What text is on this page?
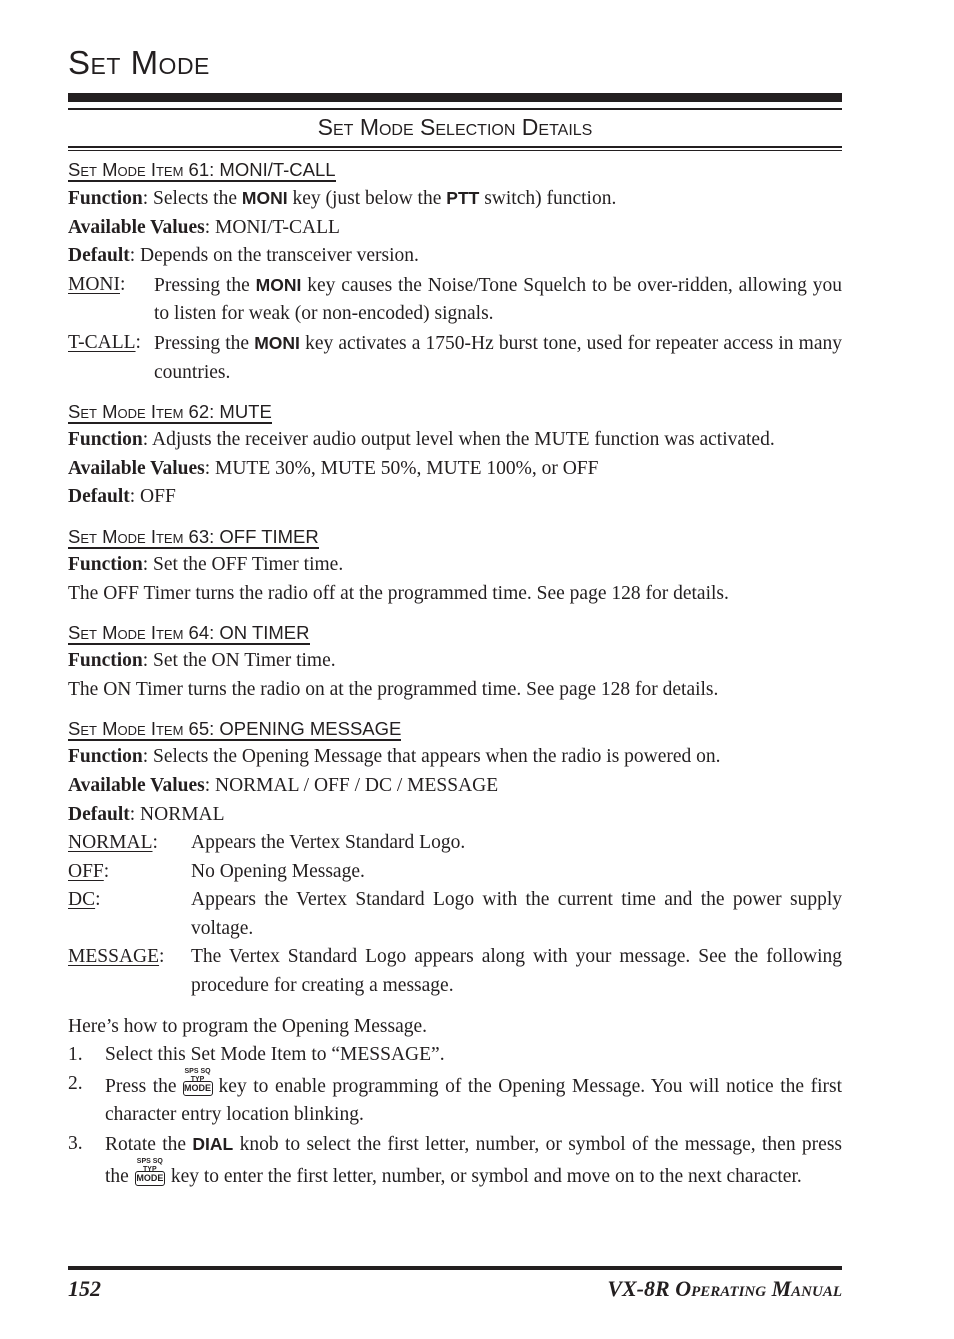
Set Mode
Set Mode Selection Details

Set Mode Item 61: MONI/T-CALL

Function: Selects the MONI key (just below the PTT switch) function.

Available Values: MONI/T-CALL

Default: Depends on the transceiver version.

MONI:	Pressing the MONI key causes the Noise/Tone Squelch to be over-ridden, allowing you to listen for weak (or non-encoded) signals.
T-CALL: Pressing the MONI key activates a 1750-Hz burst tone, used for repeater access in many countries.

Set Mode Item 62: MUTE

Function: Adjusts the receiver audio output level when the MUTE function was activated.

Available Values: MUTE 30%, MUTE 50%, MUTE 100%, or OFF

Default: OFF

Set Mode Item 63: OFF TIMER

Function: Set the OFF Timer time.

The OFF Timer turns the radio off at the programmed time. See page 128 for details.

Set Mode Item 64: ON TIMER

Function: Set the ON Timer time.

The ON Timer turns the radio on at the programmed time. See page 128 for details.

Set Mode Item 65: OPENING MESSAGE

Function: Selects the Opening Message that appears when the radio is powered on.

Available Values: NORMAL / OFF / DC / MESSAGE

Default: NORMAL

NORMAL:	Appears the Vertex Standard Logo.
OFF:	No Opening Message.
DC:	Appears the Vertex Standard Logo with the current time and the power supply voltage.
MESSAGE:	The Vertex Standard Logo appears along with your message. See the following procedure for creating a message.

Here’s how to program the Opening Message.

1.	Select this Set Mode Item to “MESSAGE”.
2.	Press the
SPS SQ TYP
MODE key to enable programming of the Opening Message. You will notice the first character entry location blinking.
3.	Rotate the DIAL knob to select the first letter, number, or symbol of the message, then press the
SPS SQ TYP
MODE key to enter the first letter, number, or symbol and move on to the next character.
152	VX-8R Operating Manual
